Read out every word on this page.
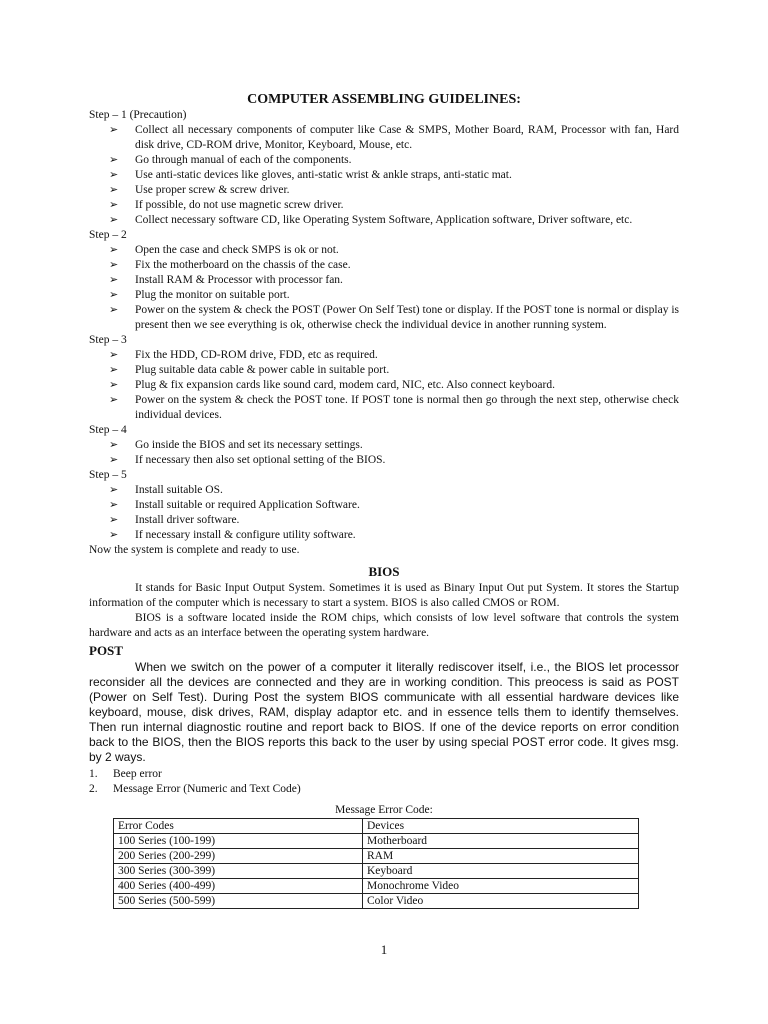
COMPUTER ASSEMBLING GUIDELINES:
Step – 1 (Precaution)
➢ Collect all necessary components of computer like Case & SMPS, Mother Board, RAM, Processor with fan, Hard disk drive, CD-ROM drive, Monitor, Keyboard, Mouse, etc.
➢ Go through manual of each of the components.
➢ Use anti-static devices like gloves, anti-static wrist & ankle straps, anti-static mat.
➢ Use proper screw & screw driver.
➢ If possible, do not use magnetic screw driver.
➢ Collect necessary software CD, like Operating System Software, Application software, Driver software, etc.
Step – 2
➢ Open the case and check SMPS is ok or not.
➢ Fix the motherboard on the chassis of the case.
➢ Install RAM & Processor with processor fan.
➢ Plug the monitor on suitable port.
➢ Power on the system & check the POST (Power On Self Test) tone or display. If the POST tone is normal or display is present then we see everything is ok, otherwise check the individual device in another running system.
Step – 3
➢ Fix the HDD, CD-ROM drive, FDD, etc as required.
➢ Plug suitable data cable & power cable in suitable port.
➢ Plug & fix expansion cards like sound card, modem card, NIC, etc. Also connect keyboard.
➢ Power on the system & check the POST tone. If POST tone is normal then go through the next step, otherwise check individual devices.
Step – 4
➢ Go inside the BIOS and set its necessary settings.
➢ If necessary then also set optional setting of the BIOS.
Step – 5
➢ Install suitable OS.
➢ Install suitable or required Application Software.
➢ Install driver software.
➢ If necessary install & configure utility software.

Now the system is complete and ready to use.

BIOS

It stands for Basic Input Output System. Sometimes it is used as Binary Input Out put System. It stores the Startup information of the computer which is necessary to start a system. BIOS is also called CMOS or ROM.

BIOS is a software located inside the ROM chips, which consists of low level software that controls the system hardware and acts as an interface between the operating system hardware.

POST

When we switch on the power of a computer it literally rediscover itself, i.e., the BIOS let processor reconsider all the devices are connected and they are in working condition. This preocess is said as POST (Power on Self Test). During Post the system BIOS communicate with all essential hardware devices like keyboard, mouse, disk drives, RAM, display adaptor etc. and in essence tells them to identify themselves. Then run internal diagnostic routine and report back to BIOS. If one of the device reports on error condition back to the BIOS, then the BIOS reports this back to the user by using special POST error code. It gives msg. by 2 ways.

1. Beep error
2. Message Error (Numeric and Text Code)
Message Error Code:
Error Codes	Devices
100 Series (100-199)	Motherboard
200 Series (200-299)	RAM
300 Series (300-399)	Keyboard
400 Series (400-499)	Monochrome Video
500 Series (500-599)	Color Video
1
